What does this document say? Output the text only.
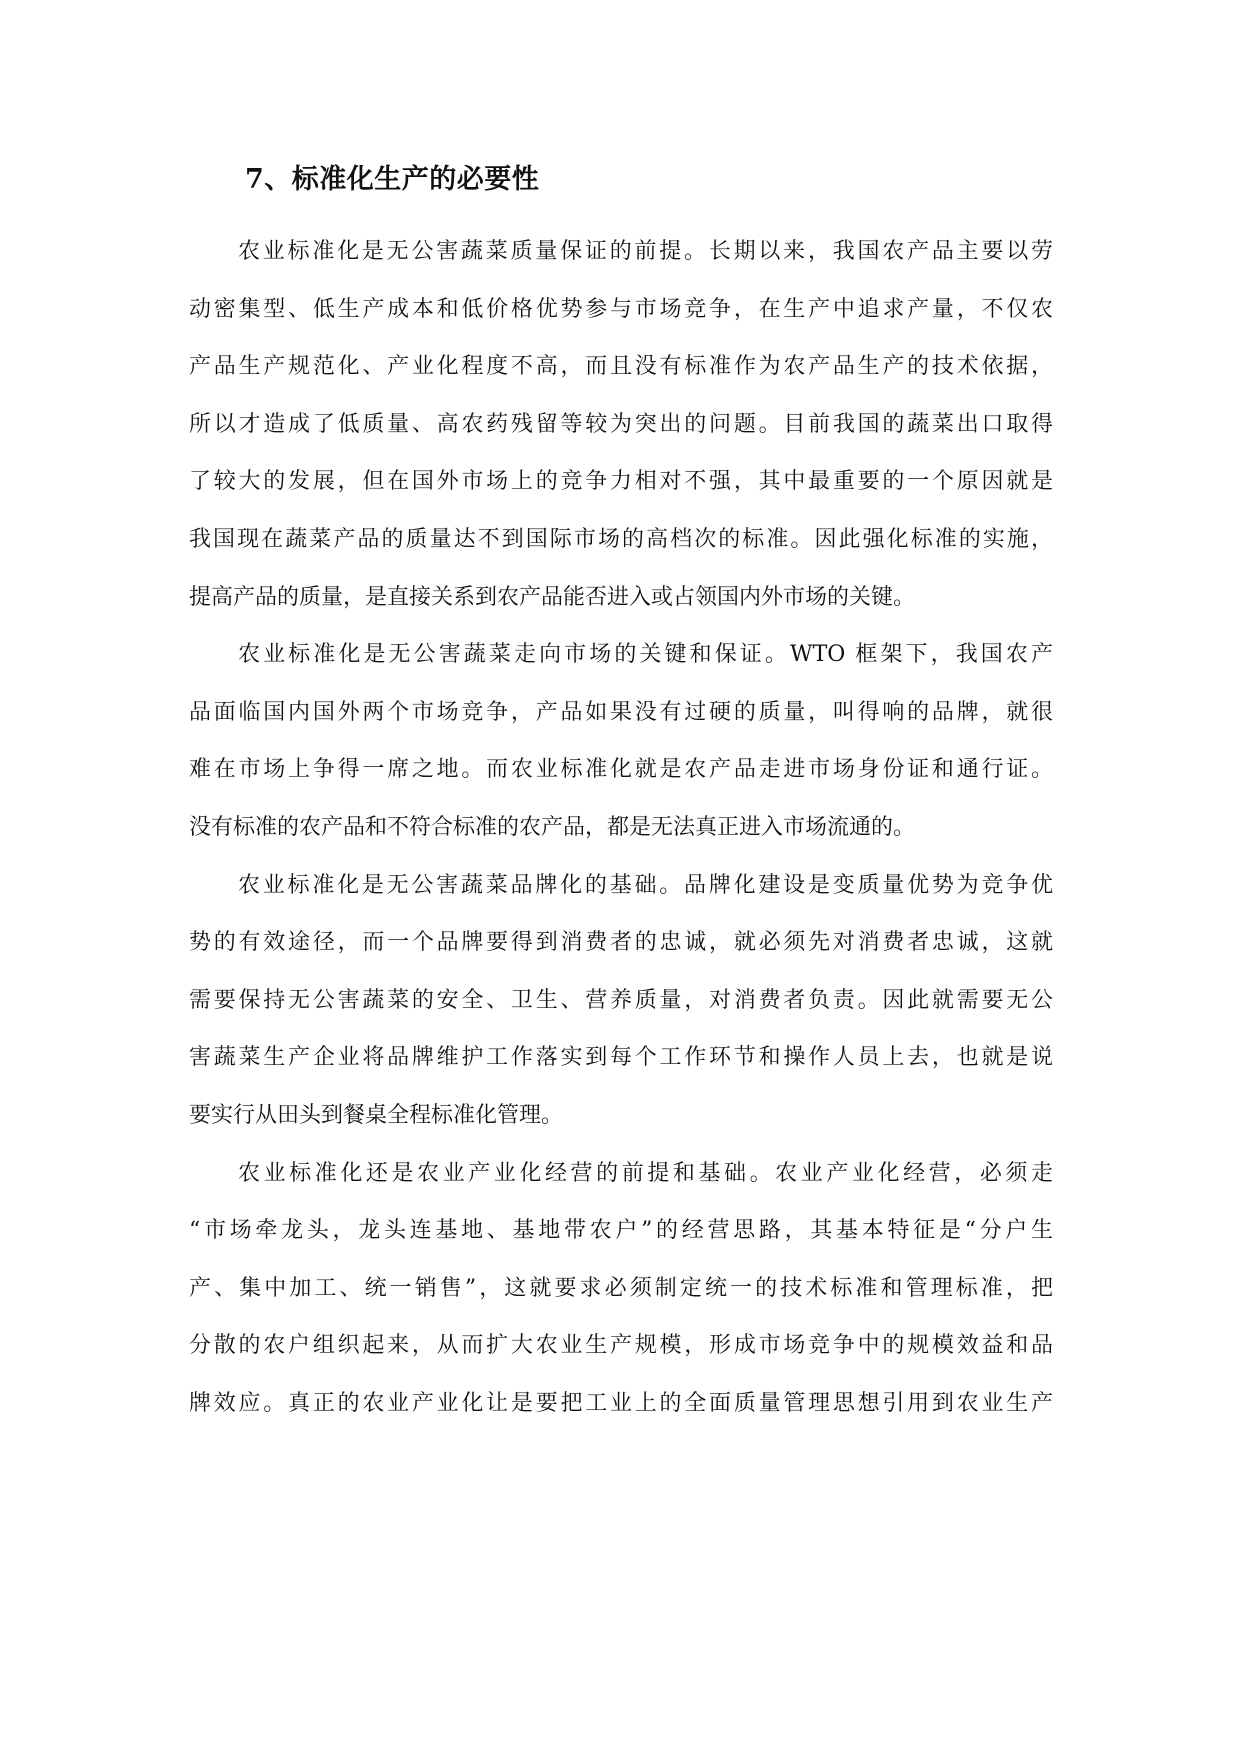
7、标准化生产的必要性

农业标准化是无公害蔬菜质量保证的前提。长期以来，我国农产品主要以劳
动密集型、低生产成本和低价格优势参与市场竞争，在生产中追求产量，不仅农
产品生产规范化、产业化程度不高，而且没有标准作为农产品生产的技术依据，
所以才造成了低质量、高农药残留等较为突出的问题。目前我国的蔬菜出口取得
了较大的发展，但在国外市场上的竞争力相对不强，其中最重要的一个原因就是
我国现在蔬菜产品的质量达不到国际市场的高档次的标准。因此强化标准的实施，
提高产品的质量，是直接关系到农产品能否进入或占领国内外市场的关键。

农业标准化是无公害蔬菜走向市场的关键和保证。WTO 框架下，我国农产
品面临国内国外两个市场竞争，产品如果没有过硬的质量，叫得响的品牌，就很
难在市场上争得一席之地。而农业标准化就是农产品走进市场身份证和通行证。
没有标准的农产品和不符合标准的农产品，都是无法真正进入市场流通的。

农业标准化是无公害蔬菜品牌化的基础。品牌化建设是变质量优势为竞争优
势的有效途径，而一个品牌要得到消费者的忠诚，就必须先对消费者忠诚，这就
需要保持无公害蔬菜的安全、卫生、营养质量，对消费者负责。因此就需要无公
害蔬菜生产企业将品牌维护工作落实到每个工作环节和操作人员上去，也就是说
要实行从田头到餐桌全程标准化管理。

农业标准化还是农业产业化经营的前提和基础。农业产业化经营，必须走
“市场牵龙头，龙头连基地、基地带农户”的经营思路，其基本特征是“分户生
产、集中加工、统一销售”，这就要求必须制定统一的技术标准和管理标准，把
分散的农户组织起来，从而扩大农业生产规模，形成市场竞争中的规模效益和品
牌效应。真正的农业产业化让是要把工业上的全面质量管理思想引用到农业生产
